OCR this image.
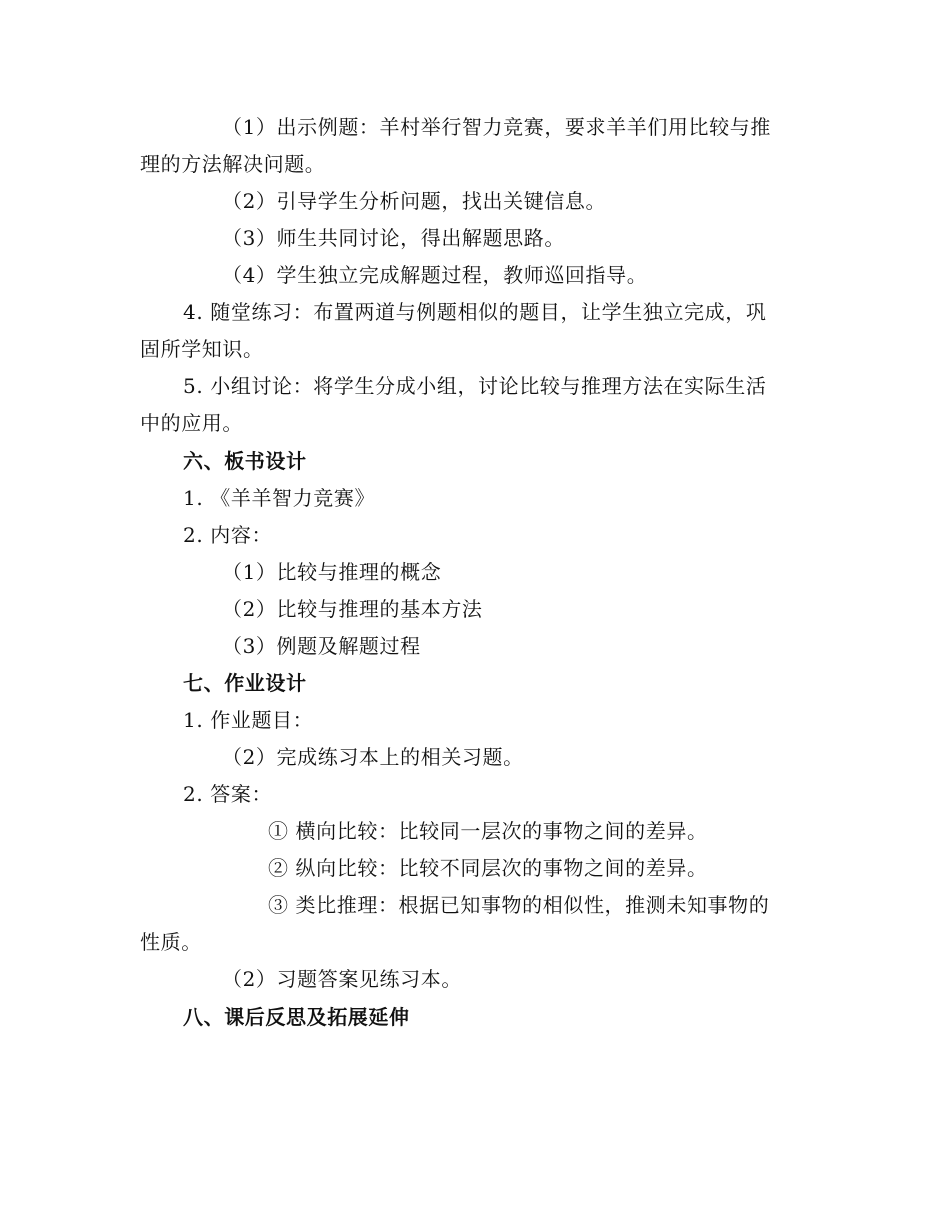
（1）出示例题：羊村举行智力竞赛，要求羊羊们用比较与推
理的方法解决问题。
（2）引导学生分析问题，找出关键信息。
（3）师生共同讨论，得出解题思路。
（4）学生独立完成解题过程，教师巡回指导。
4. 随堂练习：布置两道与例题相似的题目，让学生独立完成，巩
固所学知识。
5. 小组讨论：将学生分成小组，讨论比较与推理方法在实际生活
中的应用。
六、板书设计
1. 《羊羊智力竞赛》
2. 内容：
（1）比较与推理的概念
（2）比较与推理的基本方法
（3）例题及解题过程
七、作业设计
1. 作业题目：
（2）完成练习本上的相关习题。
2. 答案：
① 横向比较：比较同一层次的事物之间的差异。
② 纵向比较：比较不同层次的事物之间的差异。
③ 类比推理：根据已知事物的相似性，推测未知事物的
性质。
（2）习题答案见练习本。
八、课后反思及拓展延伸
